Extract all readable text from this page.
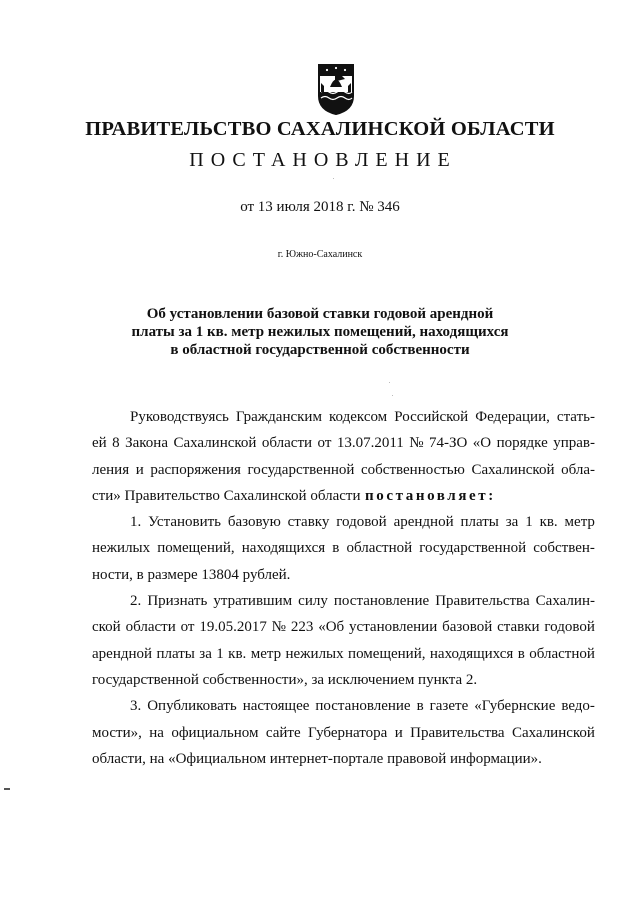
ПРАВИТЕЛЬСТВО САХАЛИНСКОЙ ОБЛАСТИ
ПОСТАНОВЛЕНИЕ
от 13 июля 2018 г. № 346
г. Южно-Сахалинск
Об установлении базовой ставки годовой арендной
платы за 1 кв. метр нежилых помещений, находящихся
в областной государственной собственности
Руководствуясь Гражданским кодексом Российской Федерации, стать-
ей 8 Закона Сахалинской области от 13.07.2011 № 74-ЗО «О порядке управ-
ления и распоряжения государственной собственностью Сахалинской обла-
сти» Правительство Сахалинской области постановляет:
1. Установить базовую ставку годовой арендной платы за 1 кв. метр
нежилых помещений, находящихся в областной государственной собствен-
ности, в размере 13804 рублей.
2. Признать утратившим силу постановление Правительства Сахалин-
ской области от 19.05.2017 № 223 «Об установлении базовой ставки годовой
арендной платы за 1 кв. метр нежилых помещений, находящихся в областной
государственной собственности», за исключением пункта 2.
3. Опубликовать настоящее постановление в газете «Губернские ведо-
мости», на официальном сайте Губернатора и Правительства Сахалинской
области, на «Официальном интернет-портале правовой информации».
